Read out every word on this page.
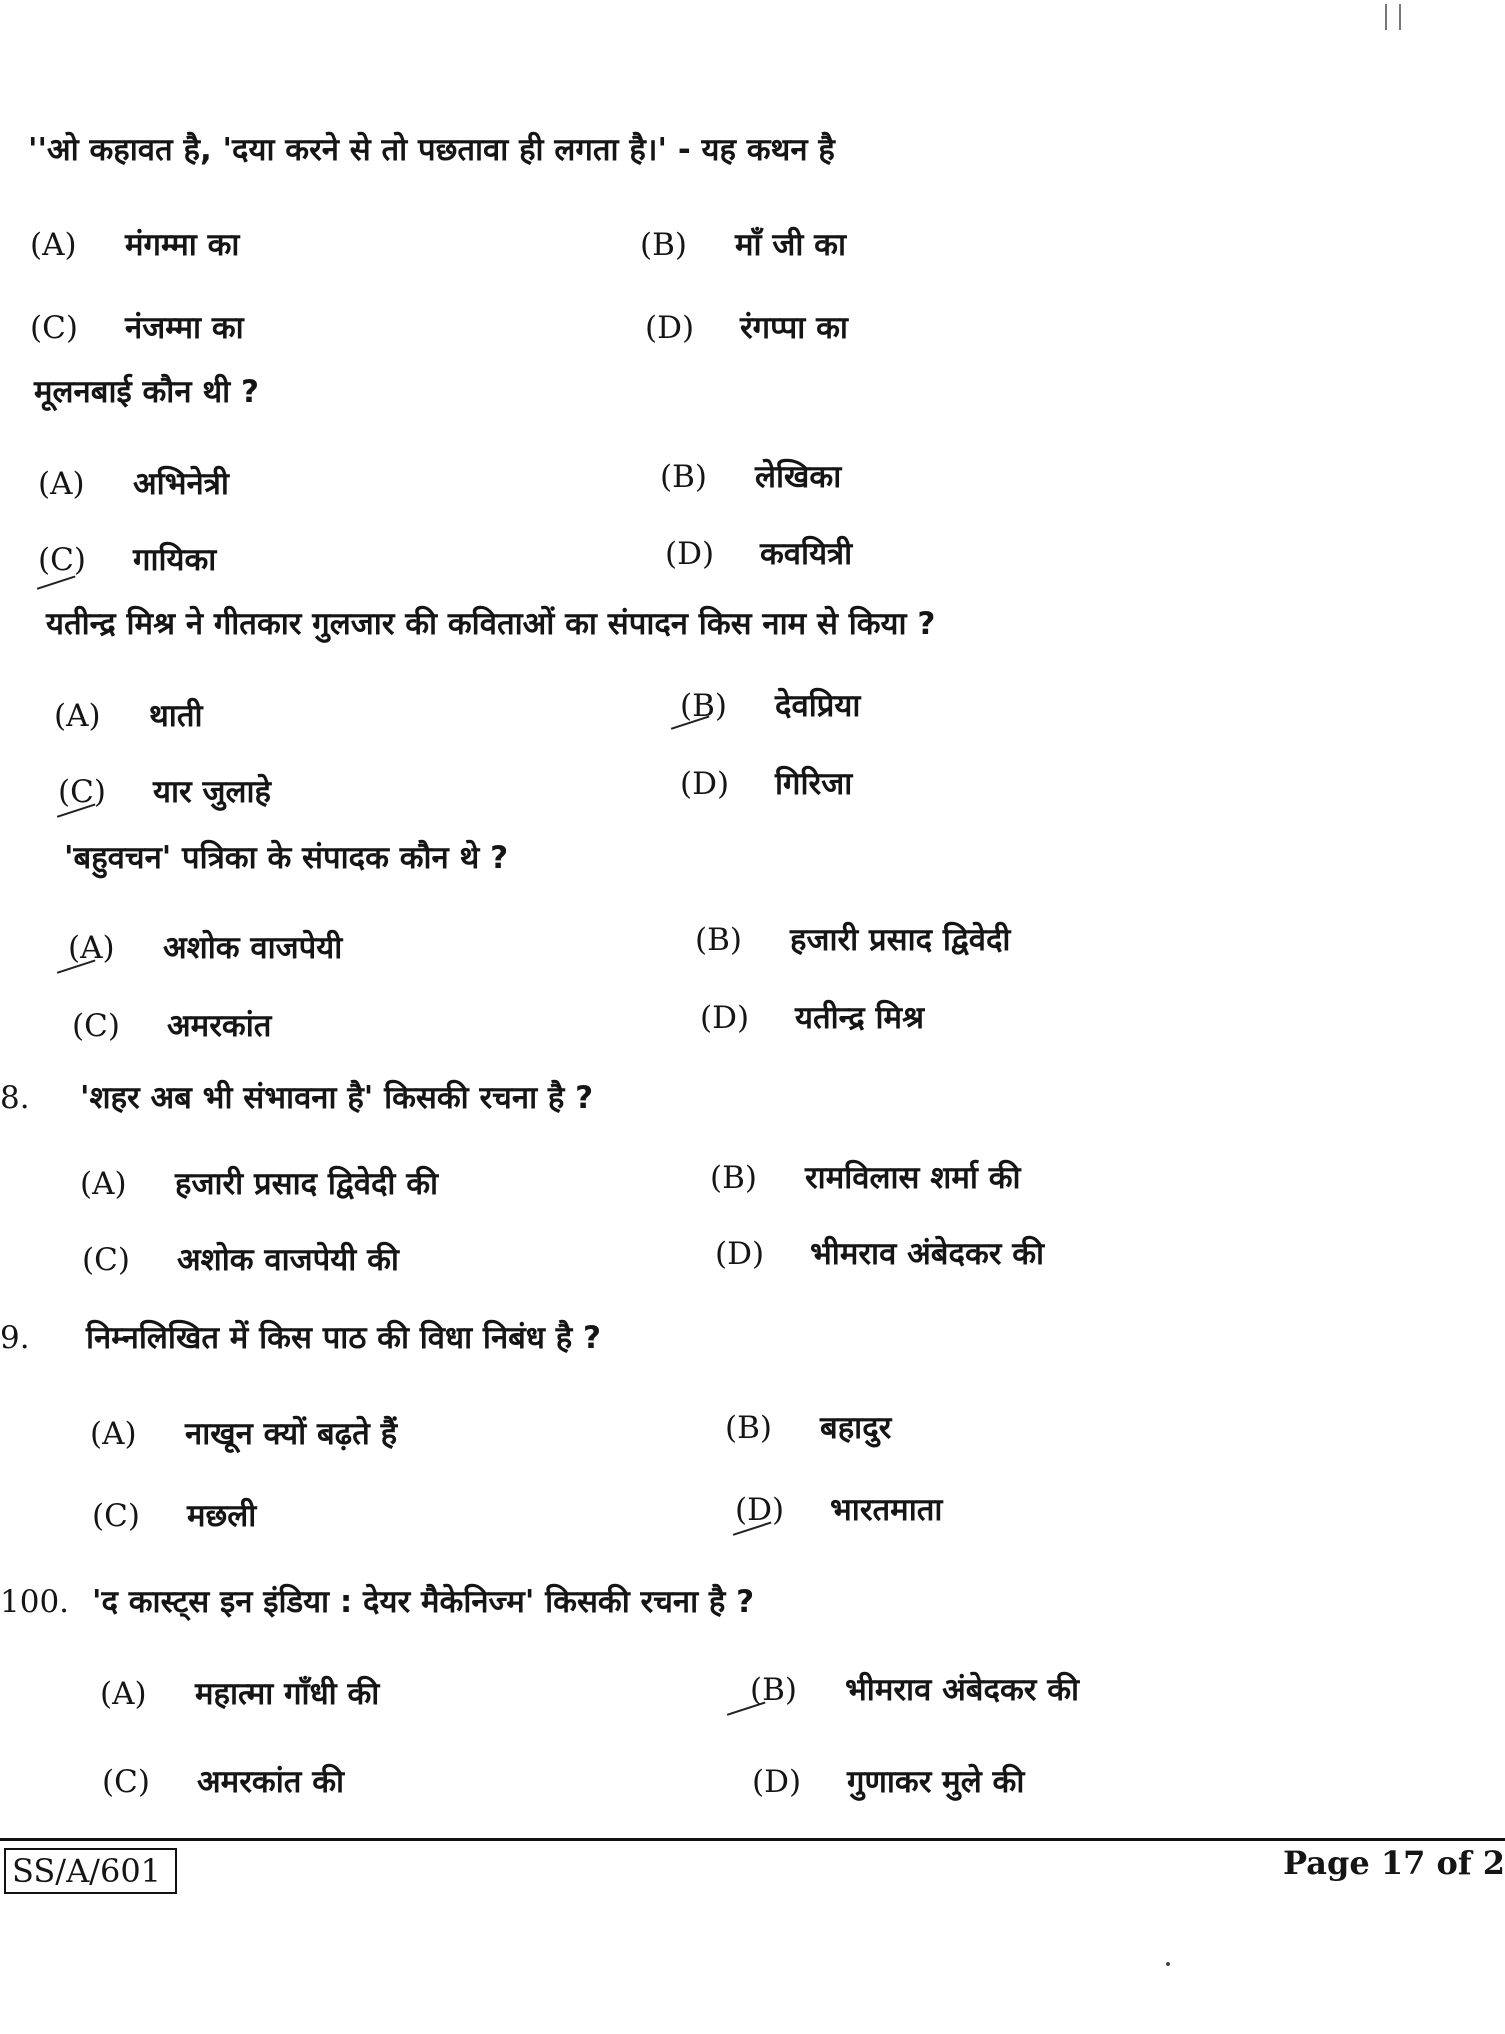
''ओ कहावत है, 'दया करने से तो पछतावा ही लगता है।' - यह कथन है
(A) मंगम्मा का	(B) माँ जी का
(C) नंजम्मा का	(D) रंगप्पा का
मूलनबाई कौन थी ?
(A) अभिनेत्री	(B) लेखिका
(C) गायिका	(D) कवयित्री
यतीन्द्र मिश्र ने गीतकार गुलजार की कविताओं का संपादन किस नाम से किया ?
(A) थाती	(B) देवप्रिया
(C) यार जुलाहे	(D) गिरिजा
'बहुवचन' पत्रिका के संपादक कौन थे ?
(A) अशोक वाजपेयी	(B) हजारी प्रसाद द्विवेदी
(C) अमरकांत	(D) यतीन्द्र मिश्र
8. 'शहर अब भी संभावना है' किसकी रचना है ?
(A) हजारी प्रसाद द्विवेदी की	(B) रामविलास शर्मा की
(C) अशोक वाजपेयी की	(D) भीमराव अंबेदकर की
9. निम्नलिखित में किस पाठ की विधा निबंध है ?
(A) नाखून क्यों बढ़ते हैं	(B) बहादुर
(C) मछली	(D) भारतमाता
100. 'द कास्ट्स इन इंडिया : देयर मैकेनिज्म' किसकी रचना है ?
(A) महात्मा गाँधी की	(B) भीमराव अंबेदकर की
(C) अमरकांत की	(D) गुणाकर मुले की
SS/A/601	Page 17 of 2
